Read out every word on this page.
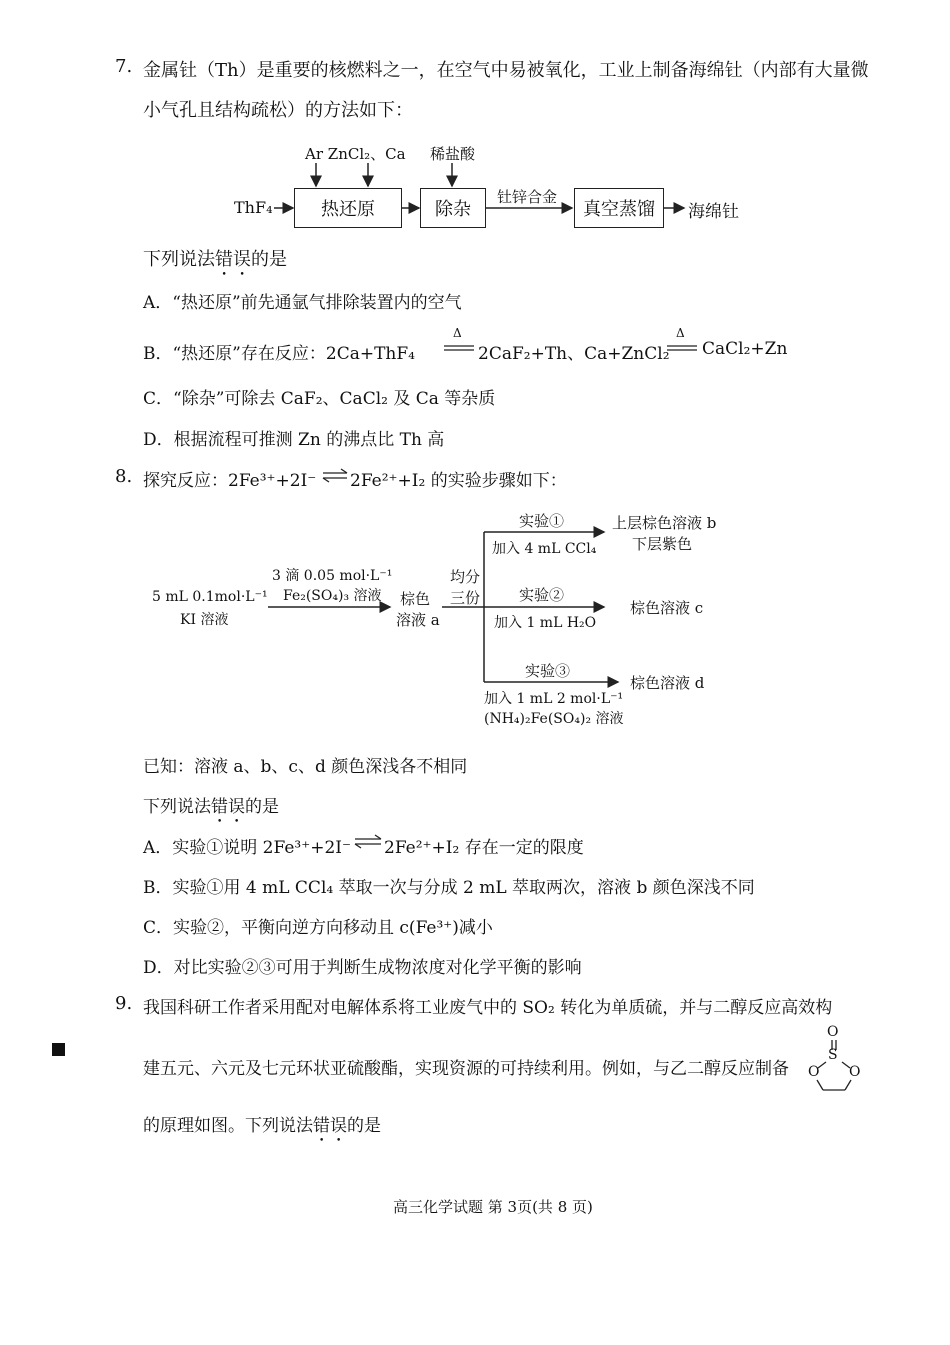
7. 金属钍（Th）是重要的核燃料之一，在空气中易被氧化，工业上制备海绵钍（内部有大量微
小气孔且结构疏松）的方法如下：
Ar ZnCl₂、Ca 稀盐酸
ThF₄	热还原	除杂
钍锌合金
真空蒸馏	海绵钍
下列说法错误的是
A．“热还原”前先通氩气排除装置内的空气
B．“热还原”存在反应：2Ca+ThF₄
Δ
2CaF₂+Th、Ca+ZnCl₂
Δ
CaCl₂+Zn
C．“除杂”可除去 CaF₂、CaCl₂ 及 Ca 等杂质
D．根据流程可推测 Zn 的沸点比 Th 高
8. 探究反应：2Fe³⁺+2I⁻ 2Fe²⁺+I₂ 的实验步骤如下：
5 mL 0.1mol·L⁻¹
KI 溶液
3 滴 0.05 mol·L⁻¹
Fe₂(SO₄)₃ 溶液 棕色
溶液 a
均分
三份
实验①
加入 4 mL CCl₄
上层棕色溶液 b
下层紫色
实验②
加入 1 mL H₂O
棕色溶液 c
实验③
加入 1 mL 2 mol·L⁻¹
(NH₄)₂Fe(SO₄)₂ 溶液
棕色溶液 d
已知：溶液 a、b、c、d 颜色深浅各不相同
下列说法错误的是
A．实验①说明 2Fe³⁺+2I⁻ 2Fe²⁺+I₂ 存在一定的限度
B．实验①用 4 mL CCl₄ 萃取一次与分成 2 mL 萃取两次，溶液 b 颜色深浅不同
C．实验②，平衡向逆方向移动且 c(Fe³⁺)减小
D．对比实验②③可用于判断生成物浓度对化学平衡的影响
9. 我国科研工作者采用配对电解体系将工业废气中的 SO₂ 转化为单质硫，并与二醇反应高效构
建五元、六元及七元环状亚硫酸酯，实现资源的可持续利用。例如，与乙二醇反应制备
的原理如图。下列说法错误的是
O
S
O O
高三化学试题 第 3页(共 8 页)
